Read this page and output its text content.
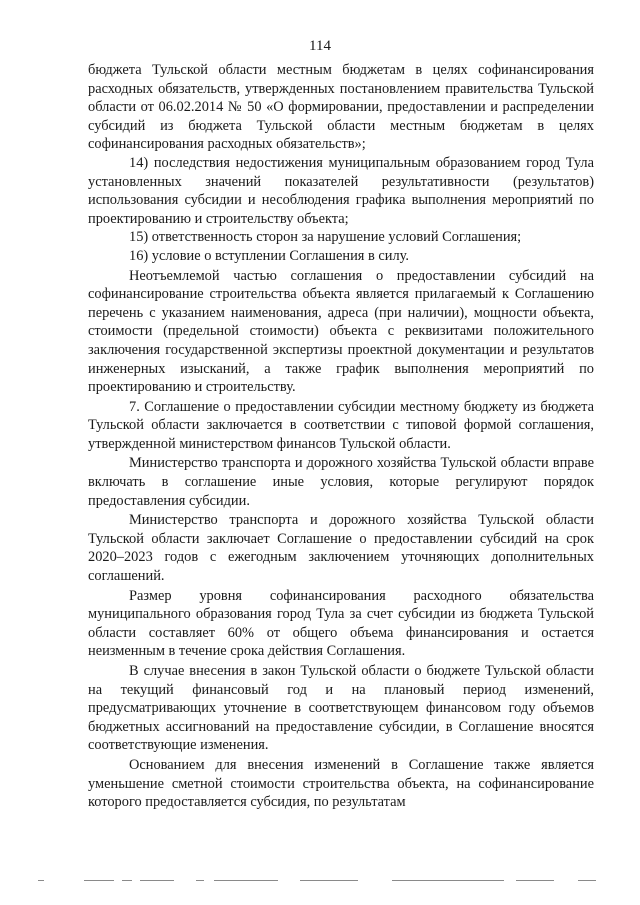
114

бюджета Тульской области местным бюджетам в целях софинансирования расходных обязательств, утвержденных постановлением правительства Тульской области от 06.02.2014 № 50 «О формировании, предоставлении и распределении субсидий из бюджета Тульской области местным бюджетам в целях софинансирования расходных обязательств»;

14) последствия недостижения муниципальным образованием город Тула установленных значений показателей результативности (результатов) использования субсидии и несоблюдения графика выполнения мероприятий по проектированию и строительству объекта;

15) ответственность сторон за нарушение условий Соглашения;

16) условие о вступлении Соглашения в силу.

Неотъемлемой частью соглашения о предоставлении субсидий на софинансирование строительства объекта является прилагаемый к Соглашению перечень с указанием наименования, адреса (при наличии), мощности объекта, стоимости (предельной стоимости) объекта с реквизитами положительного заключения государственной экспертизы проектной документации и результатов инженерных изысканий, а также график выполнения мероприятий по проектированию и строительству.

7. Соглашение о предоставлении субсидии местному бюджету из бюджета Тульской области заключается в соответствии с типовой формой соглашения, утвержденной министерством финансов Тульской области.

Министерство транспорта и дорожного хозяйства Тульской области вправе включать в соглашение иные условия, которые регулируют порядок предоставления субсидии.

Министерство транспорта и дорожного хозяйства Тульской области Тульской области заключает Соглашение о предоставлении субсидий на срок 2020–2023 годов с ежегодным заключением уточняющих дополнительных соглашений.

Размер уровня софинансирования расходного обязательства муниципального образования город Тула за счет субсидии из бюджета Тульской области составляет 60% от общего объема финансирования и остается неизменным в течение срока действия Соглашения.

В случае внесения в закон Тульской области о бюджете Тульской области на текущий финансовый год и на плановый период изменений, предусматривающих уточнение в соответствующем финансовом году объемов бюджетных ассигнований на предоставление субсидии, в Соглашение вносятся соответствующие изменения.

Основанием для внесения изменений в Соглашение также является уменьшение сметной стоимости строительства объекта, на софинансирование которого предоставляется субсидия, по результатам
